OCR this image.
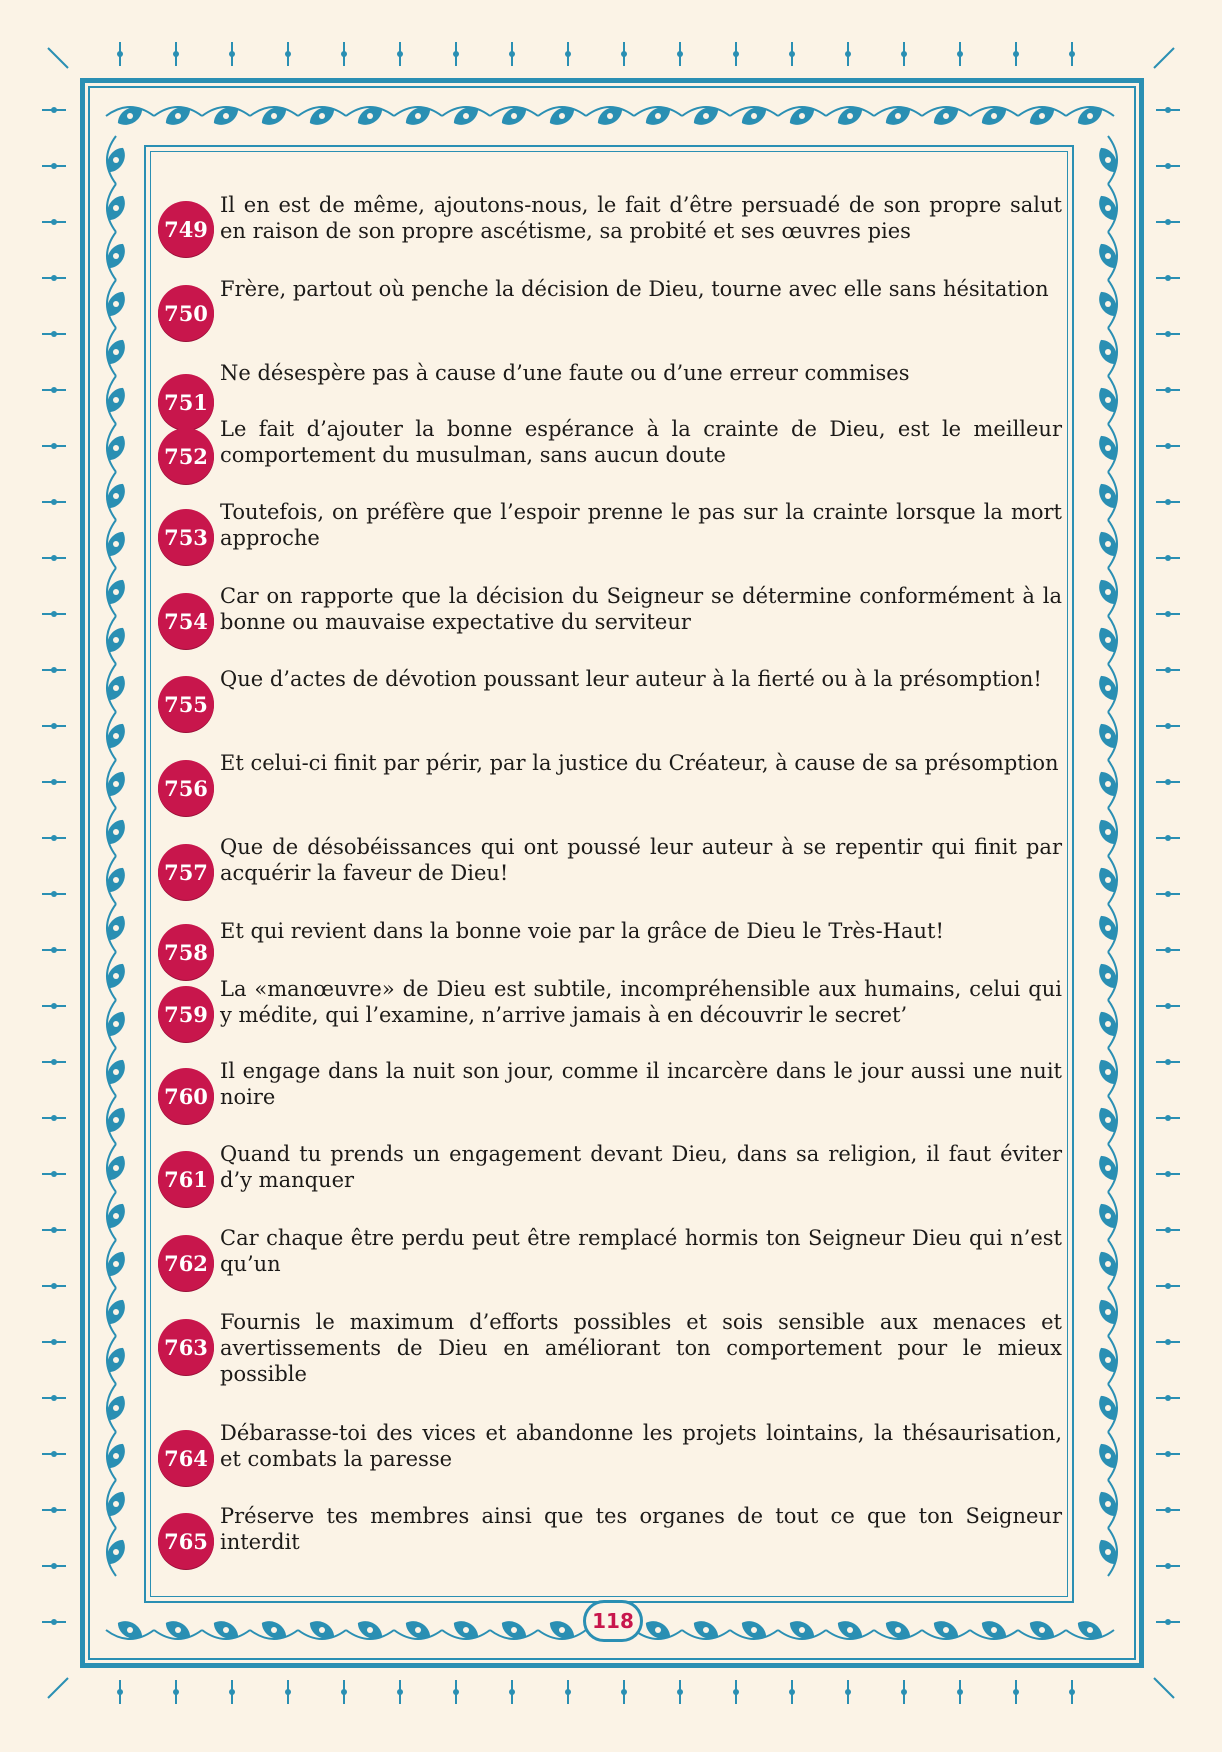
749

Il en est de même, ajoutons-nous, le fait d’être persuadé de son propre salut en raison de son propre ascétisme, sa probité et ses œuvres pies

750

Frère, partout où penche la décision de Dieu, tourne avec elle sans hésitation

751

Ne désespère pas à cause d’une faute ou d’une erreur commises

752

Le fait d’ajouter la bonne espérance à la crainte de Dieu, est le meilleur comportement du musulman, sans aucun doute

753

Toutefois, on préfère que l’espoir prenne le pas sur la crainte lorsque la mort approche

754

Car on rapporte que la décision du Seigneur se détermine conformément à la bonne ou mauvaise expectative du serviteur

755

Que d’actes de dévotion poussant leur auteur à la fierté ou à la présomption!

756

Et celui-ci finit par périr, par la justice du Créateur, à cause de sa présomption

757

Que de désobéissances qui ont poussé leur auteur à se repentir qui finit par acquérir la faveur de Dieu!

758

Et qui revient dans la bonne voie par la grâce de Dieu le Très-Haut!

759

La «manœuvre» de Dieu est subtile, incompréhensible aux humains, celui qui y médite, qui l’examine, n’arrive jamais à en découvrir le secret’

760

Il engage dans la nuit son jour, comme il incarcère dans le jour aussi une nuit noire

761

Quand tu prends un engagement devant Dieu, dans sa religion, il faut éviter d’y manquer

762

Car chaque être perdu peut être remplacé hormis ton Seigneur Dieu qui n’est qu’un

763

Fournis le maximum d’efforts possibles et sois sensible aux menaces et avertissements de Dieu en améliorant ton comportement pour le mieux possible

764

Débarasse-toi des vices et abandonne les projets lointains, la thésaurisation, et combats la paresse

765

Préserve tes membres ainsi que tes organes de tout ce que ton Seigneur interdit

118
